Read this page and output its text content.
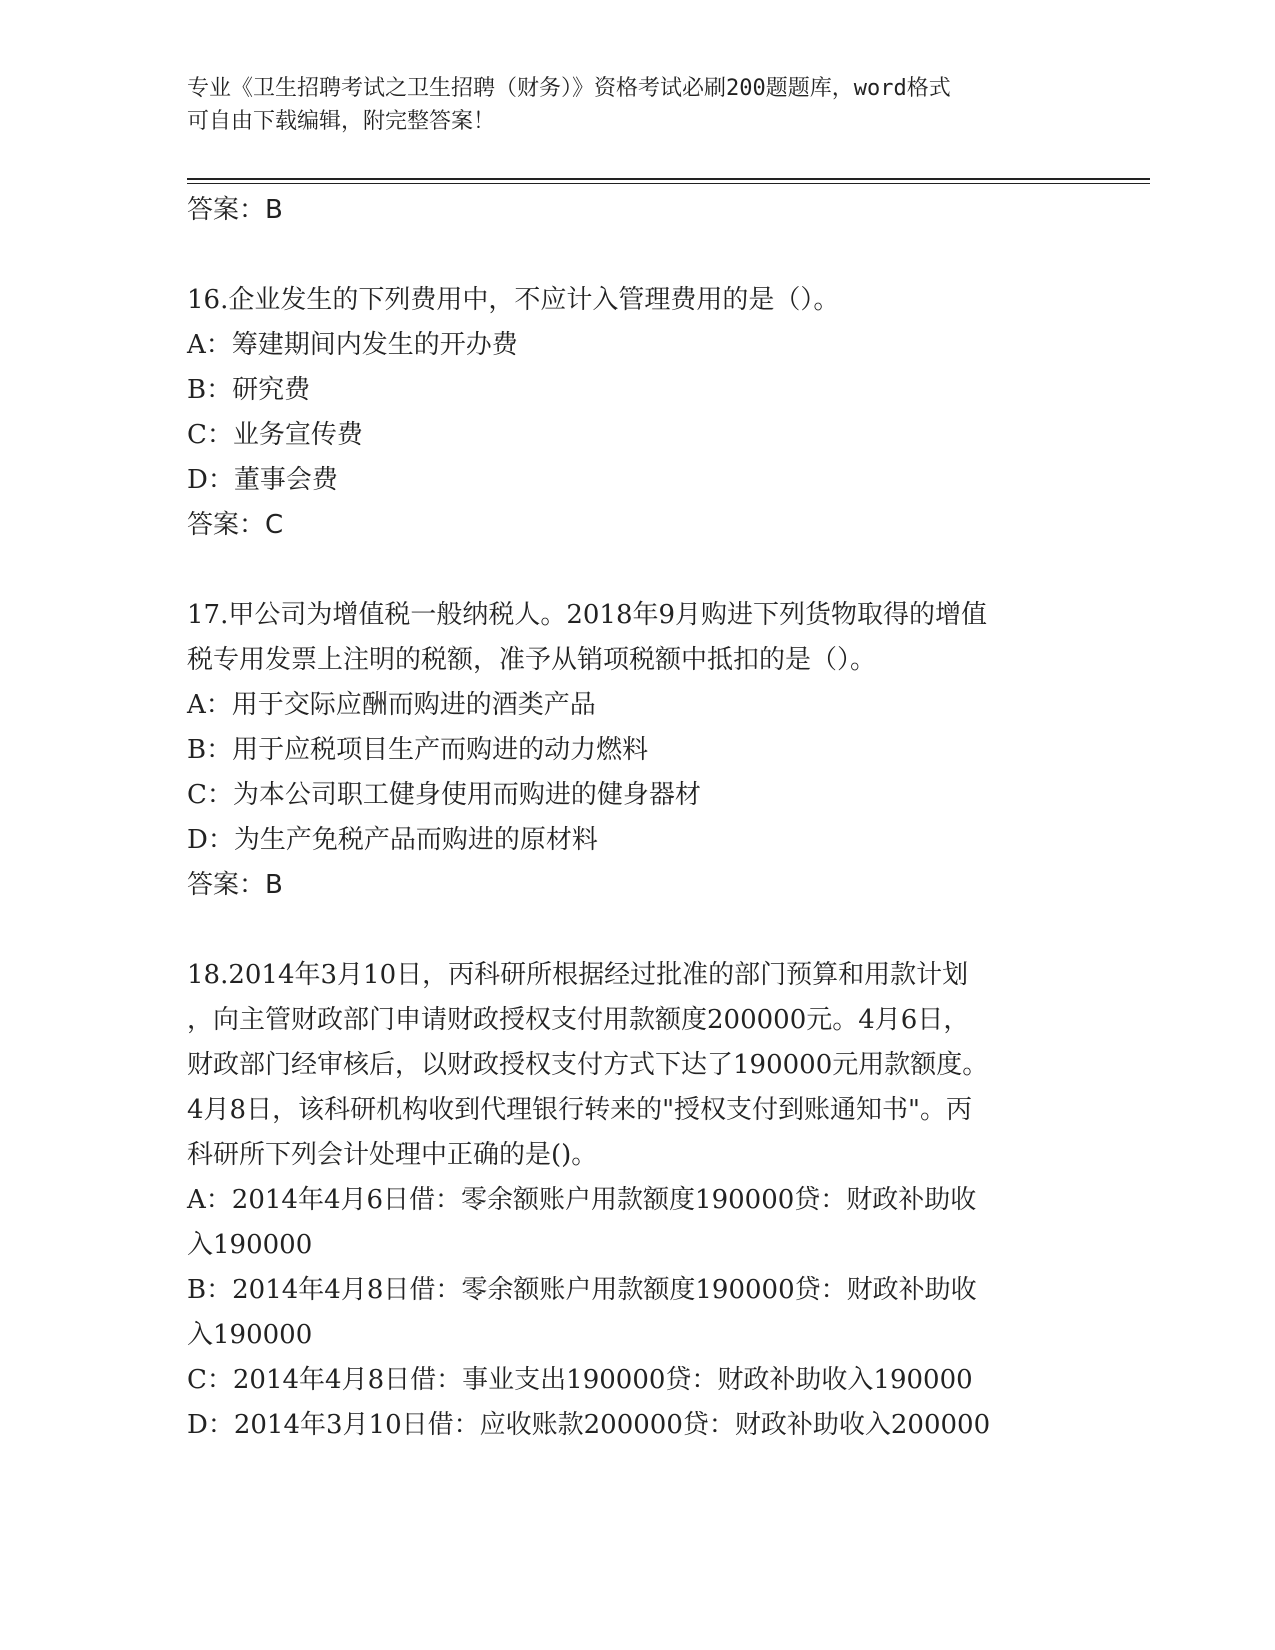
专业《卫生招聘考试之卫生招聘（财务）》资格考试必刷200题题库，word格式

可自由下载编辑，附完整答案！

答案：B

16.企业发生的下列费用中，不应计入管理费用的是（）。

A：筹建期间内发生的开办费

B：研究费

C：业务宣传费

D：董事会费

答案：C

17.甲公司为增值税一般纳税人。2018年9月购进下列货物取得的增值

税专用发票上注明的税额，准予从销项税额中抵扣的是（）。

A：用于交际应酬而购进的酒类产品

B：用于应税项目生产而购进的动力燃料

C：为本公司职工健身使用而购进的健身器材

D：为生产免税产品而购进的原材料

答案：B

18.2014年3月10日，丙科研所根据经过批准的部门预算和用款计划

，向主管财政部门申请财政授权支付用款额度200000元。4月6日，

财政部门经审核后，以财政授权支付方式下达了190000元用款额度。

4月8日，该科研机构收到代理银行转来的"授权支付到账通知书"。丙

科研所下列会计处理中正确的是()。

A：2014年4月6日借：零余额账户用款额度190000贷：财政补助收

入190000

B：2014年4月8日借：零余额账户用款额度190000贷：财政补助收

入190000

C：2014年4月8日借：事业支出190000贷：财政补助收入190000

D：2014年3月10日借：应收账款200000贷：财政补助收入200000
